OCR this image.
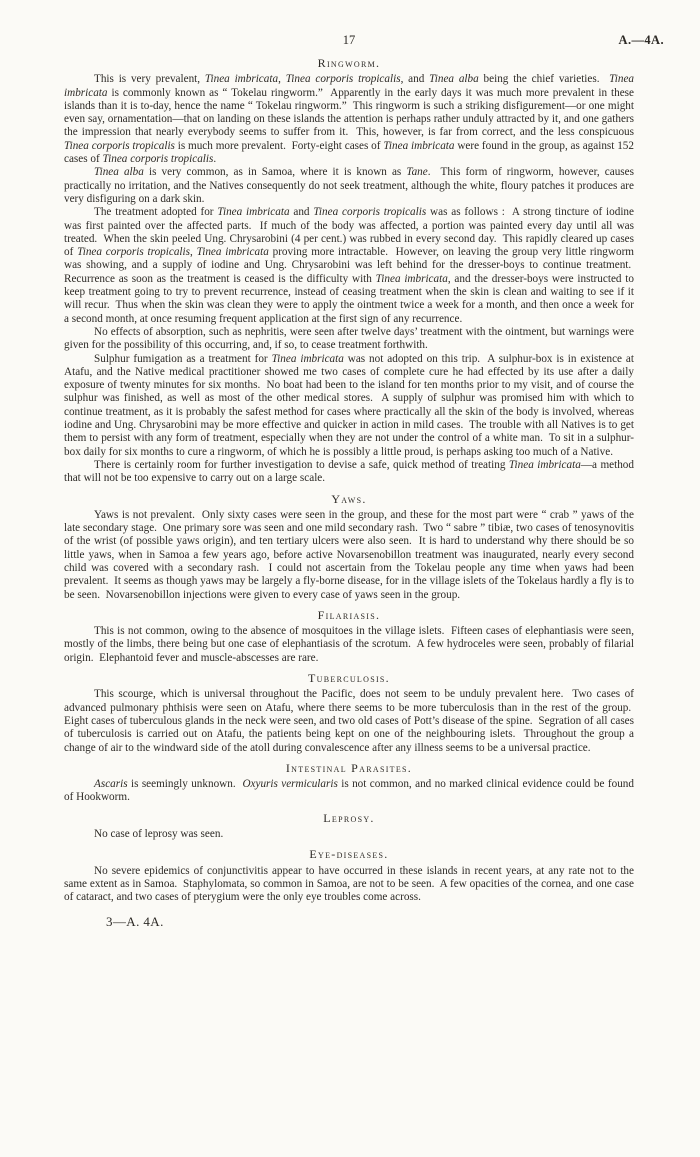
17	A.—4A.
Ringworm.

This is very prevalent, Tinea imbricata, Tinea corporis tropicalis, and Tinea alba being the chief varieties.  Tinea imbricata is commonly known as “ Tokelau ringworm.”  Apparently in the early days it was much more prevalent in these islands than it is to-day, hence the name “ Tokelau ringworm.”  This ringworm is such a striking disfigurement—or one might even say, ornamentation—that on landing on these islands the attention is perhaps rather unduly attracted by it, and one gathers the impression that nearly everybody seems to suffer from it.  This, however, is far from correct, and the less conspicuous Tinea corporis tropicalis is much more prevalent.  Forty-eight cases of Tinea imbricata were found in the group, as against 152 cases of Tinea corporis tropicalis.

Tinea alba is very common, as in Samoa, where it is known as Tane.  This form of ringworm, however, causes practically no irritation, and the Natives consequently do not seek treatment, although the white, floury patches it produces are very disfiguring on a dark skin.

The treatment adopted for Tinea imbricata and Tinea corporis tropicalis was as follows :  A strong tincture of iodine was first painted over the affected parts.  If much of the body was affected, a portion was painted every day until all was treated.  When the skin peeled Ung. Chrysarobini (4 per cent.) was rubbed in every second day.  This rapidly cleared up cases of Tinea corporis tropicalis, Tinea imbricata proving more intractable.  However, on leaving the group very little ringworm was showing, and a supply of iodine and Ung. Chrysarobini was left behind for the dresser-boys to continue treatment.  Recurrence as soon as the treatment is ceased is the difficulty with Tinea imbricata, and the dresser-boys were instructed to keep treatment going to try to prevent recurrence, instead of ceasing treatment when the skin is clean and waiting to see if it will recur.  Thus when the skin was clean they were to apply the ointment twice a week for a month, and then once a week for a second month, at once resuming frequent application at the first sign of any recurrence.

No effects of absorption, such as nephritis, were seen after twelve days’ treatment with the ointment, but warnings were given for the possibility of this occurring, and, if so, to cease treatment forthwith.

Sulphur fumigation as a treatment for Tinea imbricata was not adopted on this trip.  A sulphur-box is in existence at Atafu, and the Native medical practitioner showed me two cases of complete cure he had effected by its use after a daily exposure of twenty minutes for six months.  No boat had been to the island for ten months prior to my visit, and of course the sulphur was finished, as well as most of the other medical stores.  A supply of sulphur was promised him with which to continue treatment, as it is probably the safest method for cases where practically all the skin of the body is involved, whereas iodine and Ung. Chrysarobini may be more effective and quicker in action in mild cases.  The trouble with all Natives is to get them to persist with any form of treatment, especially when they are not under the control of a white man.  To sit in a sulphur-box daily for six months to cure a ringworm, of which he is possibly a little proud, is perhaps asking too much of a Native.

There is certainly room for further investigation to devise a safe, quick method of treating Tinea imbricata—a method that will not be too expensive to carry out on a large scale.

Yaws.

Yaws is not prevalent.  Only sixty cases were seen in the group, and these for the most part were “ crab ” yaws of the late secondary stage.  One primary sore was seen and one mild secondary rash.  Two “ sabre ” tibiæ, two cases of tenosynovitis of the wrist (of possible yaws origin), and ten tertiary ulcers were also seen.  It is hard to understand why there should be so little yaws, when in Samoa a few years ago, before active Novarsenobillon treatment was inaugurated, nearly every second child was covered with a secondary rash.  I could not ascertain from the Tokelau people any time when yaws had been prevalent.  It seems as though yaws may be largely a fly-borne disease, for in the village islets of the Tokelaus hardly a fly is to be seen.  Novarsenobillon injections were given to every case of yaws seen in the group.

Filariasis.

This is not common, owing to the absence of mosquitoes in the village islets.  Fifteen cases of elephantiasis were seen, mostly of the limbs, there being but one case of elephantiasis of the scrotum.  A few hydroceles were seen, probably of filarial origin.  Elephantoid fever and muscle-abscesses are rare.

Tuberculosis.

This scourge, which is universal throughout the Pacific, does not seem to be unduly prevalent here.  Two cases of advanced pulmonary phthisis were seen on Atafu, where there seems to be more tuberculosis than in the rest of the group.  Eight cases of tuberculous glands in the neck were seen, and two old cases of Pott’s disease of the spine.  Segration of all cases of tuberculosis is carried out on Atafu, the patients being kept on one of the neighbouring islets.  Throughout the group a change of air to the windward side of the atoll during convalescence after any illness seems to be a universal practice.

Intestinal Parasites.

Ascaris is seemingly unknown.  Oxyuris vermicularis is not common, and no marked clinical evidence could be found of Hookworm.

Leprosy.

No case of leprosy was seen.

Eye-diseases.

No severe epidemics of conjunctivitis appear to have occurred in these islands in recent years, at any rate not to the same extent as in Samoa.  Staphylomata, so common in Samoa, are not to be seen.  A few opacities of the cornea, and one case of cataract, and two cases of pterygium were the only eye troubles come across.

3—A. 4A.
